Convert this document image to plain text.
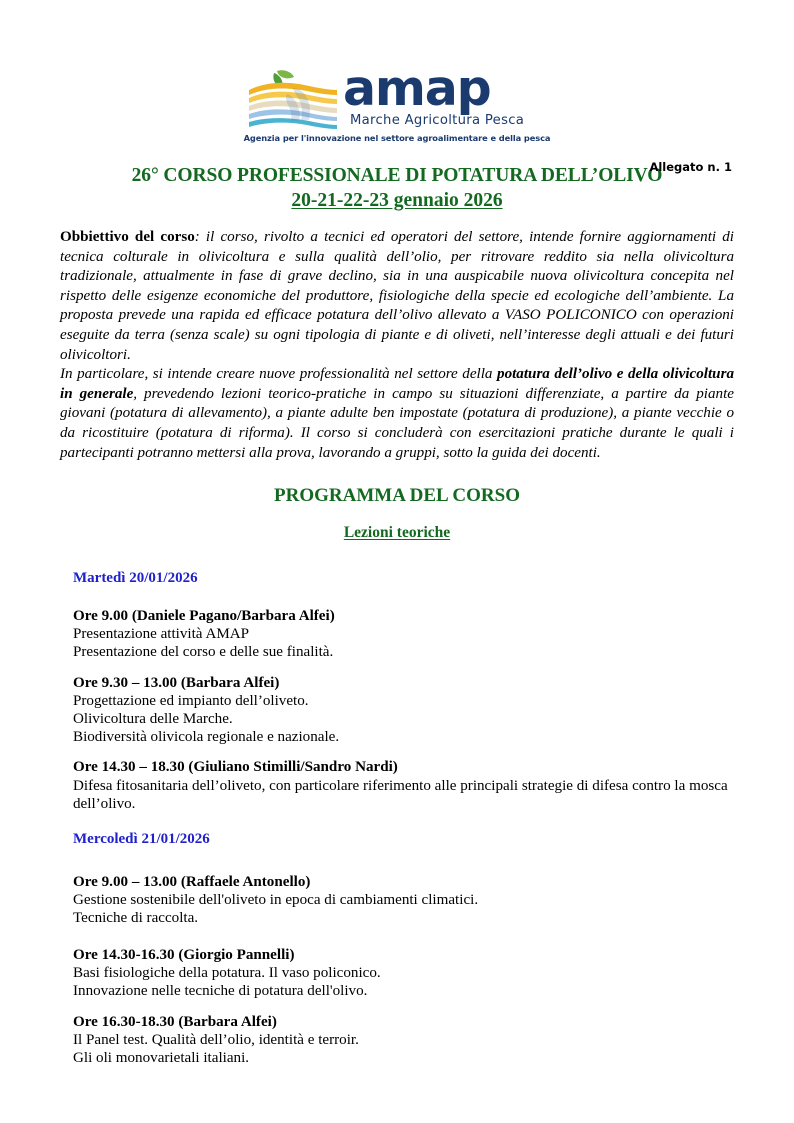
amap
Marche Agricoltura Pesca
Agenzia per l'innovazione nel settore agroalimentare e della pesca
Allegato n. 1
26° CORSO PROFESSIONALE DI POTATURA DELL’OLIVO
20-21-22-23 gennaio 2026

Obbiettivo del corso: il corso, rivolto a tecnici ed operatori del settore, intende fornire aggiornamenti di tecnica colturale in olivicoltura e sulla qualità dell’olio, per ritrovare reddito sia nella olivicoltura tradizionale, attualmente in fase di grave declino, sia in una auspicabile nuova olivicoltura concepita nel rispetto delle esigenze economiche del produttore, fisiologiche della specie ed ecologiche dell’ambiente. La proposta prevede una rapida ed efficace potatura dell’olivo allevato a VASO POLICONICO con operazioni eseguite da terra (senza scale) su ogni tipologia di piante e di oliveti, nell’interesse degli attuali e dei futuri olivicoltori.

In particolare, si intende creare nuove professionalità nel settore della potatura dell’olivo e della olivicoltura in generale, prevedendo lezioni teorico-pratiche in campo su situazioni differenziate, a partire da piante giovani (potatura di allevamento), a piante adulte ben impostate (potatura di produzione), a piante vecchie o da ricostituire (potatura di riforma). Il corso si concluderà con esercitazioni pratiche durante le quali i partecipanti potranno mettersi alla prova, lavorando a gruppi, sotto la guida dei docenti.

PROGRAMMA DEL CORSO
Lezioni teoriche
Martedì 20/01/2026
Ore 9.00 (Daniele Pagano/Barbara Alfei)
Presentazione attività AMAP
Presentazione del corso e delle sue finalità.
Ore 9.30 – 13.00 (Barbara Alfei)
Progettazione ed impianto dell’oliveto.
Olivicoltura delle Marche.
Biodiversità olivicola regionale e nazionale.
Ore 14.30 – 18.30 (Giuliano Stimilli/Sandro Nardi)
Difesa fitosanitaria dell’oliveto, con particolare riferimento alle principali strategie di difesa contro la mosca dell’olivo.
Mercoledì 21/01/2026
Ore 9.00 – 13.00 (Raffaele Antonello)
Gestione sostenibile dell'oliveto in epoca di cambiamenti climatici.
Tecniche di raccolta.
Ore 14.30-16.30 (Giorgio Pannelli)
Basi fisiologiche della potatura. Il vaso policonico.
Innovazione nelle tecniche di potatura dell'olivo.
Ore 16.30-18.30 (Barbara Alfei)
Il Panel test. Qualità dell’olio, identità e terroir.
Gli oli monovarietali italiani.
